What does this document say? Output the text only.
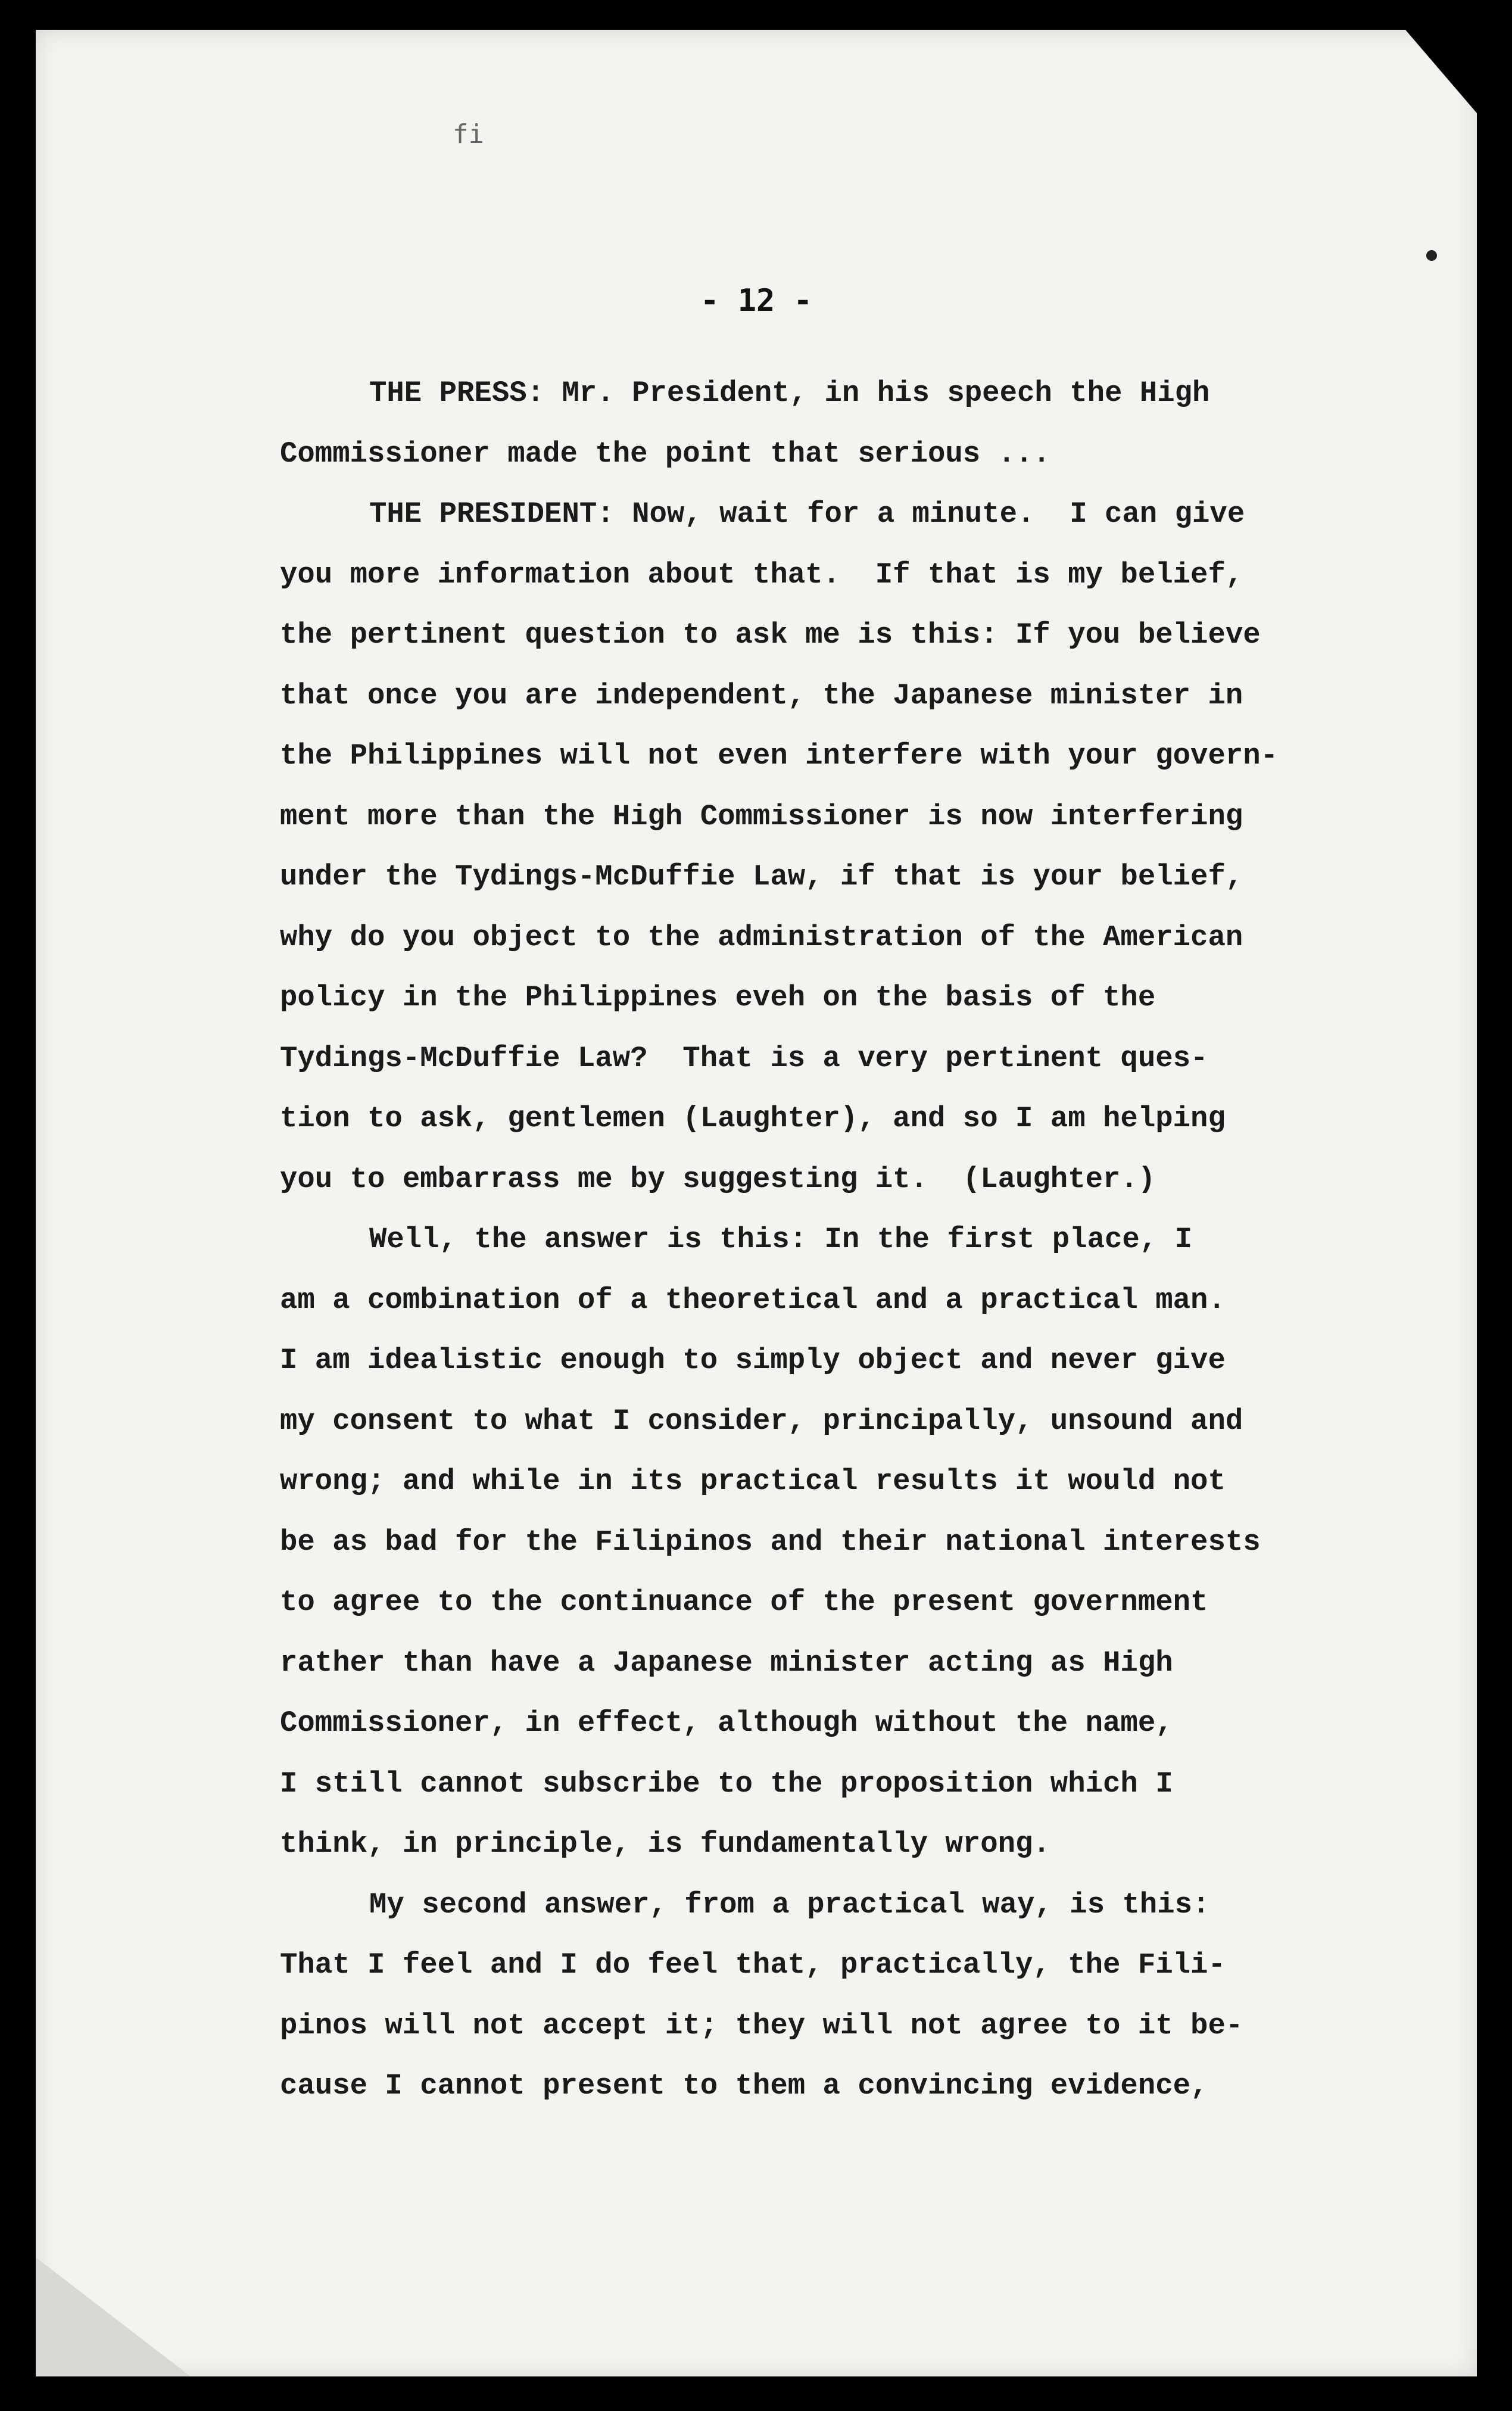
fi
- 12 -
THE PRESS: Mr. President, in his speech the High
Commissioner made the point that serious ...
THE PRESIDENT: Now, wait for a minute.  I can give
you more information about that.  If that is my belief,
the pertinent question to ask me is this: If you believe
that once you are independent, the Japanese minister in
the Philippines will not even interfere with your govern-
ment more than the High Commissioner is now interfering
under the Tydings-McDuffie Law, if that is your belief,
why do you object to the administration of the American
policy in the Philippines eveh on the basis of the
Tydings-McDuffie Law?  That is a very pertinent ques-
tion to ask, gentlemen (Laughter), and so I am helping
you to embarrass me by suggesting it.  (Laughter.)
Well, the answer is this: In the first place, I
am a combination of a theoretical and a practical man.
I am idealistic enough to simply object and never give
my consent to what I consider, principally, unsound and
wrong; and while in its practical results it would not
be as bad for the Filipinos and their national interests
to agree to the continuance of the present government
rather than have a Japanese minister acting as High
Commissioner, in effect, although without the name,
I still cannot subscribe to the proposition which I
think, in principle, is fundamentally wrong.
My second answer, from a practical way, is this:
That I feel and I do feel that, practically, the Fili-
pinos will not accept it; they will not agree to it be-
cause I cannot present to them a convincing evidence,
